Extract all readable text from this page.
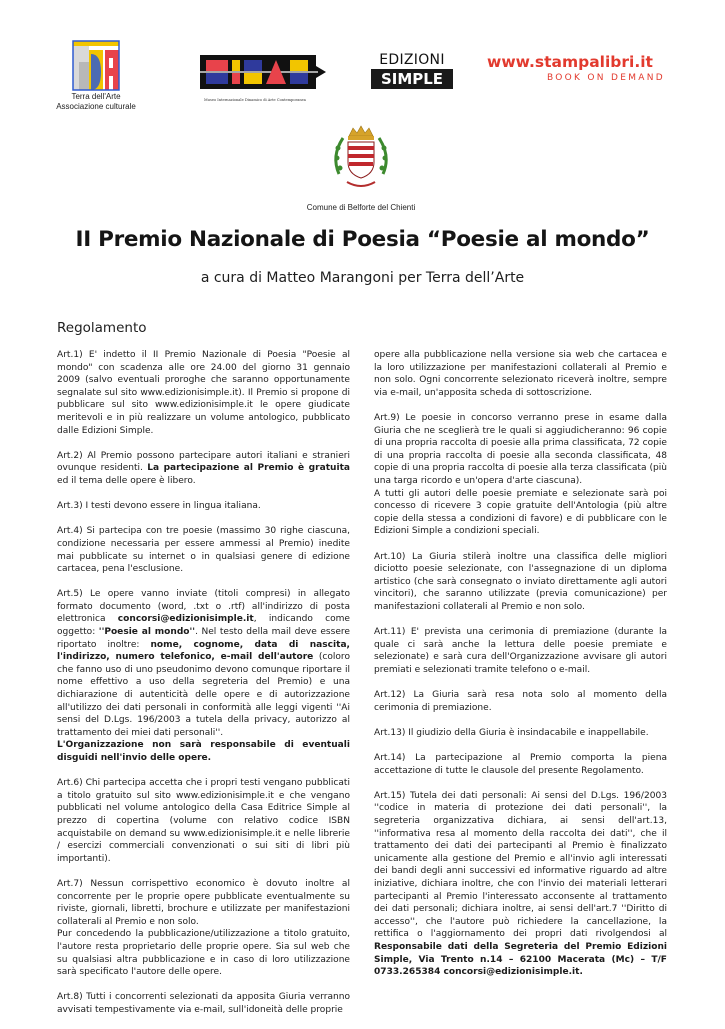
Terra dell'Arte
Associazione culturale
Museo Internazionale Dinamico di Arte Contemporanea
EDIZIONI
SIMPLE
www.stampalibri.it
BOOK ON DEMAND
Comune di Belforte del Chienti
II Premio Nazionale di Poesia “Poesie al mondo”
a cura di Matteo Marangoni per Terra dell’Arte
Regolamento

Art.1) E' indetto il II Premio Nazionale di Poesia "Poesie al mondo" con scadenza alle ore 24.00 del giorno 31 gennaio 2009 (salvo eventuali proroghe che saranno opportunamente segnalate sul sito www.edizionisimple.it). Il Premio si propone di pubblicare sul sito www.edizionisimple.it le opere giudicate meritevoli e in più realizzare un volume antologico, pubblicato dalle Edizioni Simple.

Art.2) Al Premio possono partecipare autori italiani e stranieri ovunque residenti. La partecipazione al Premio è gratuita ed il tema delle opere è libero.

Art.3) I testi devono essere in lingua italiana.

Art.4) Si partecipa con tre poesie (massimo 30 righe ciascuna, condizione necessaria per essere ammessi al Premio) inedite mai pubblicate su internet o in qualsiasi genere di edizione cartacea, pena l'esclusione.

Art.5) Le opere vanno inviate (titoli compresi) in allegato formato documento (word, .txt o .rtf) all'indirizzo di posta elettronica concorsi@edizionisimple.it, indicando come oggetto: ''Poesie al mondo''. Nel testo della mail deve essere riportato inoltre: nome, cognome, data di nascita, l'indirizzo, numero telefonico, e-mail dell'autore (coloro che fanno uso di uno pseudonimo devono comunque riportare il nome effettivo a uso della segreteria del Premio) e una dichiarazione di autenticità delle opere e di autorizzazione all'utilizzo dei dati personali in conformità alle leggi vigenti ''Ai sensi del D.Lgs. 196/2003 a tutela della privacy, autorizzo al trattamento dei miei dati personali''.

L'Organizzazione non sarà responsabile di eventuali disguidi nell'invio delle opere.

Art.6) Chi partecipa accetta che i propri testi vengano pubblicati a titolo gratuito sul sito www.edizionisimple.it e che vengano pubblicati nel volume antologico della Casa Editrice Simple al prezzo di copertina (volume con relativo codice ISBN acquistabile on demand su www.edizionisimple.it e nelle librerie / esercizi commerciali convenzionati o sui siti di libri più importanti).

Art.7) Nessun corrispettivo economico è dovuto inoltre al concorrente per le proprie opere pubblicate eventualmente su riviste, giornali, libretti, brochure e utilizzate per manifestazioni collaterali al Premio e non solo.

Pur concedendo la pubblicazione/utilizzazione a titolo gratuito, l'autore resta proprietario delle proprie opere. Sia sul web che su qualsiasi altra pubblicazione e in caso di loro utilizzazione sarà specificato l'autore delle opere.

Art.8) Tutti i concorrenti selezionati da apposita Giuria verranno avvisati tempestivamente via e-mail, sull'idoneità delle proprie

opere alla pubblicazione nella versione sia web che cartacea e la loro utilizzazione per manifestazioni collaterali al Premio e non solo. Ogni concorrente selezionato riceverà inoltre, sempre via e-mail, un'apposita scheda di sottoscrizione.

Art.9) Le poesie in concorso verranno prese in esame dalla Giuria che ne sceglierà tre le quali si aggiudicheranno: 96 copie di una propria raccolta di poesie alla prima classificata, 72 copie di una propria raccolta di poesie alla seconda classificata, 48 copie di una propria raccolta di poesie alla terza classificata (più una targa ricordo e un'opera d'arte ciascuna).

A tutti gli autori delle poesie premiate e selezionate sarà poi concesso di ricevere 3 copie gratuite dell'Antologia (più altre copie della stessa a condizioni di favore) e di pubblicare con le Edizioni Simple a condizioni speciali.

Art.10) La Giuria stilerà inoltre una classifica delle migliori diciotto poesie selezionate, con l'assegnazione di un diploma artistico (che sarà consegnato o inviato direttamente agli autori vincitori), che saranno utilizzate (previa comunicazione) per manifestazioni collaterali al Premio e non solo.

Art.11) E' prevista una cerimonia di premiazione (durante la quale ci sarà anche la lettura delle poesie premiate e selezionate) e sarà cura dell'Organizzazione avvisare gli autori premiati e selezionati tramite telefono o e-mail.

Art.12) La Giuria sarà resa nota solo al momento della cerimonia di premiazione.

Art.13) Il giudizio della Giuria è insindacabile e inappellabile.

Art.14) La partecipazione al Premio comporta la piena accettazione di tutte le clausole del presente Regolamento.

Art.15) Tutela dei dati personali: Ai sensi del D.Lgs. 196/2003 ''codice in materia di protezione dei dati personali'', la segreteria organizzativa dichiara, ai sensi dell'art.13, ''informativa resa al momento della raccolta dei dati'', che il trattamento dei dati dei partecipanti al Premio è finalizzato unicamente alla gestione del Premio e all'invio agli interessati dei bandi degli anni successivi ed informative riguardo ad altre iniziative, dichiara inoltre, che con l'invio dei materiali letterari partecipanti al Premio l'interessato acconsente al trattamento dei dati personali; dichiara inoltre, ai sensi dell'art.7 ''Diritto di accesso'', che l'autore può richiedere la cancellazione, la rettifica o l'aggiornamento dei propri dati rivolgendosi al Responsabile dati della Segreteria del Premio Edizioni Simple, Via Trento n.14 – 62100 Macerata (Mc) – T/F 0733.265384 concorsi@edizionisimple.it.
